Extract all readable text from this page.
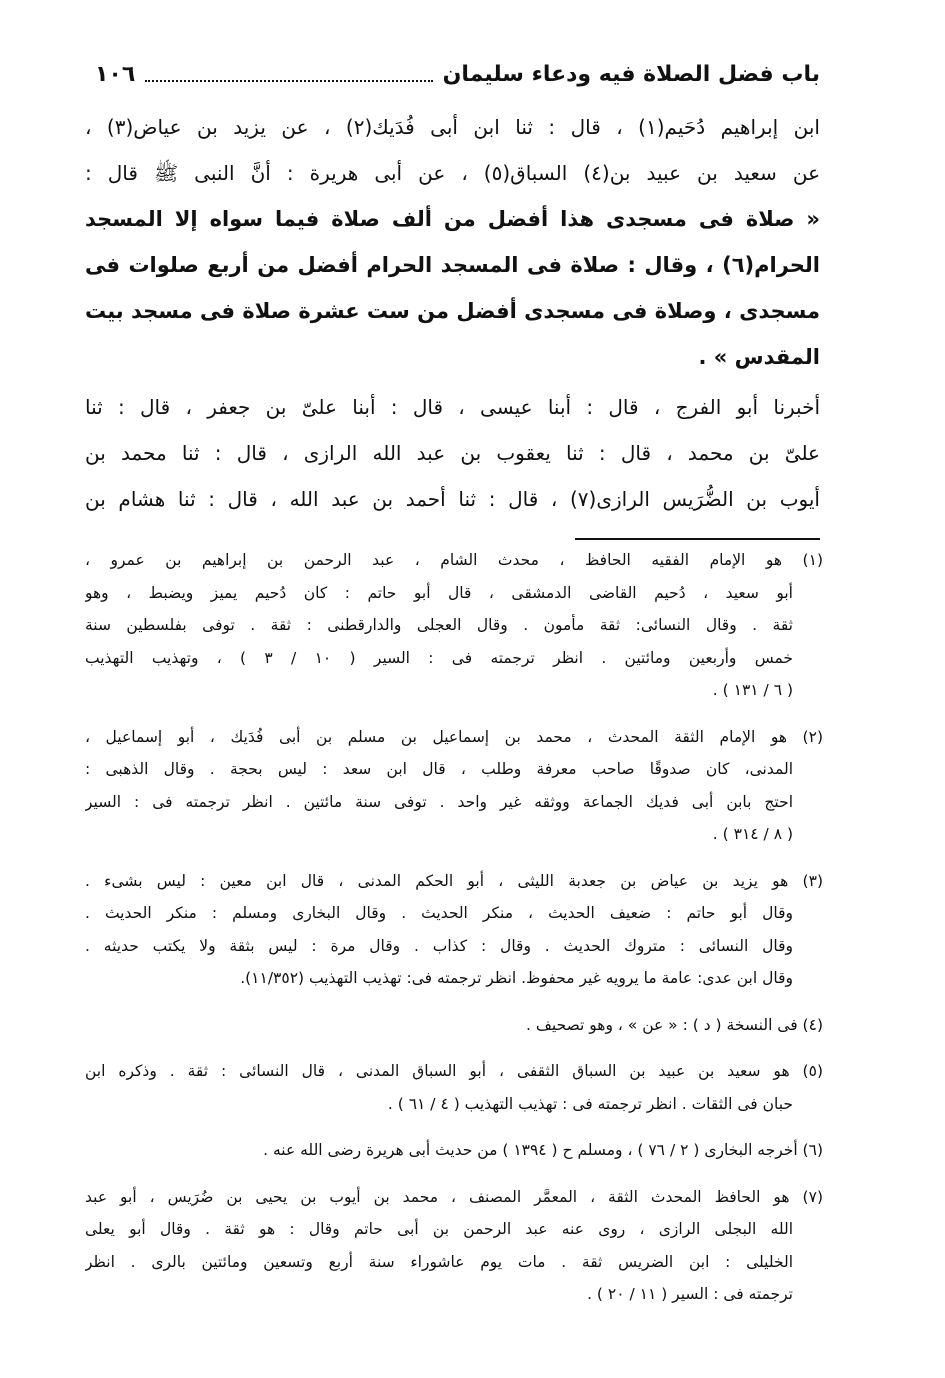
باب فضل الصلاة فيه ودعاء سليمان
١٠٦
ابن إبراهيم دُحَيم(١) ، قال : ثنا ابن أبى فُدَيك(٢) ، عن يزيد بن عياض(٣) ،
عن سعيد بن عبيد بن(٤) السباق(٥) ، عن أبى هريرة : أنَّ النبى ﷺ قال :
« صلاة فى مسجدى هذا أفضل من ألف صلاة فيما سواه إلا المسجد
الحرام(٦) ، وقال : صلاة فى المسجد الحرام أفضل من أربع صلوات فى
مسجدى ، وصلاة فى مسجدى أفضل من ست عشرة صلاة فى مسجد بيت
المقدس » .
أخبرنا أبو الفرج ، قال : أبنا عيسى ، قال : أبنا علىّ بن جعفر ، قال : ثنا
علىّ بن محمد ، قال : ثنا يعقوب بن عبد الله الرازى ، قال : ثنا محمد بن
أيوب بن الضُّرَيس الرازى(٧) ، قال : ثنا أحمد بن عبد الله ، قال : ثنا هشام بن
(١) هو الإمام الفقيه الحافظ ، محدث الشام ، عبد الرحمن بن إبراهيم بن عمرو ،
أبو سعيد ، دُحيم القاضى الدمشقى ، قال أبو حاتم : كان دُحيم يميز ويضبط ، وهو
ثقة . وقال النسائى: ثقة مأمون . وقال العجلى والدارقطنى : ثقة . توفى بفلسطين سنة
خمس وأربعين ومائتين . انظر ترجمته فى : السير ( ١٠ / ٣ ) ، وتهذيب التهذيب
( ٦ / ١٣١ ) .
(٢) هو الإمام الثقة المحدث ، محمد بن إسماعيل بن مسلم بن أبى فُدَيك ، أبو إسماعيل ،
المدنى، كان صدوقًا صاحب معرفة وطلب ، قال ابن سعد : ليس بحجة . وقال الذهبى :
احتج بابن أبى فديك الجماعة ووثقه غير واحد . توفى سنة مائتين . انظر ترجمته فى : السير
( ٨ / ٣١٤ ) .
(٣) هو يزيد بن عياض بن جعدبة الليثى ، أبو الحكم المدنى ، قال ابن معين : ليس بشىء .
وقال أبو حاتم : ضعيف الحديث ، منكر الحديث . وقال البخارى ومسلم : منكر الحديث .
وقال النسائى : متروك الحديث . وقال : كذاب . وقال مرة : ليس بثقة ولا يكتب حديثه .
وقال ابن عدى: عامة ما يرويه غير محفوظ. انظر ترجمته فى: تهذيب التهذيب (١١/٣٥٢).
(٤) فى النسخة ( د ) : « عن » ، وهو تصحيف .
(٥) هو سعيد بن عبيد بن السباق الثقفى ، أبو السباق المدنى ، قال النسائى : ثقة . وذكره ابن
حبان فى الثقات . انظر ترجمته فى : تهذيب التهذيب ( ٤ / ٦١ ) .
(٦) أخرجه البخارى ( ٢ / ٧٦ ) ، ومسلم ح ( ١٣٩٤ ) من حديث أبى هريرة رضى الله عنه .
(٧) هو الحافظ المحدث الثقة ، المعمَّر المصنف ، محمد بن أيوب بن يحيى بن ضُرَيس ، أبو عبد
الله البجلى الرازى ، روى عنه عبد الرحمن بن أبى حاتم وقال : هو ثقة . وقال أبو يعلى
الخليلى : ابن الضريس ثقة . مات يوم عاشوراء سنة أربع وتسعين ومائتين بالرى . انظر
ترجمته فى : السير ( ١١ / ٢٠ ) .
